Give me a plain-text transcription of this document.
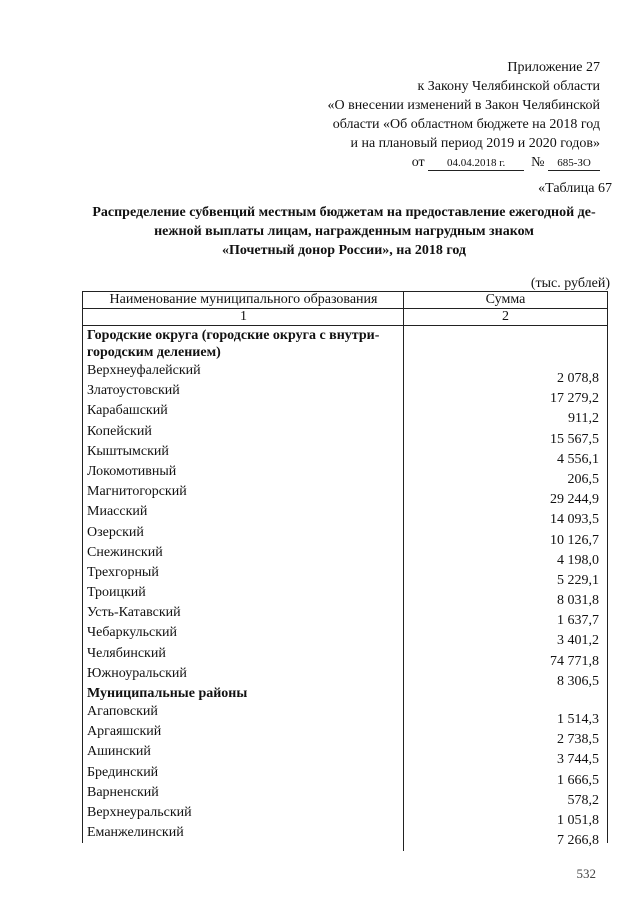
Приложение 27
к Закону Челябинской области
«О внесении изменений в Закон Челябинской
области «Об областном бюджете на 2018 год
и на плановый период 2019 и 2020 годов»
от 04.04.2018 г. № 685-ЗО
«Таблица 67
Распределение субвенций местным бюджетам на предоставление ежегодной де-
нежной выплаты лицам, награжденным нагрудным знаком
«Почетный донор России», на 2018 год
(тыс. рублей)
Наименование муниципального образования	Сумма
1	2
Городские округа (городские округа с внутри-
городским делением)
Верхнеуфалейский
2 078,8
Златоустовский
17 279,2
Карабашский
911,2
Копейский
15 567,5
Кыштымский
4 556,1
Локомотивный
206,5
Магнитогорский
29 244,9
Миасский
14 093,5
Озерский
10 126,7
Снежинский
4 198,0
Трехгорный
5 229,1
Троицкий
8 031,8
Усть-Катавский
1 637,7
Чебаркульский
3 401,2
Челябинский
74 771,8
Южноуральский
8 306,5
Муниципальные районы
Агаповский
1 514,3
Аргаяшский
2 738,5
Ашинский
3 744,5
Брединский
1 666,5
Варненский
578,2
Верхнеуральский
1 051,8
Еманжелинский
7 266,8
532
